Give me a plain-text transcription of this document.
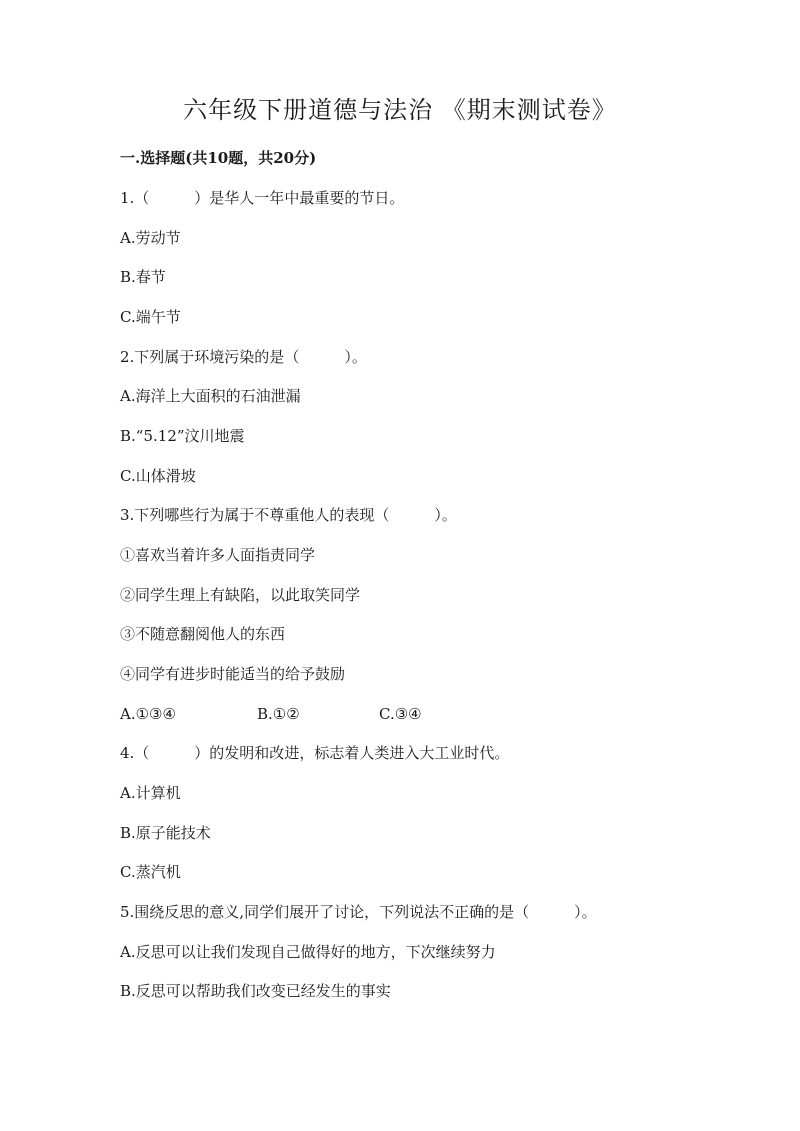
六年级下册道德与法治 《期末测试卷》
一.选择题(共10题，共20分)
1.（　　　）是华人一年中最重要的节日。
A.劳动节
B.春节
C.端午节
2.下列属于环境污染的是（　　　）。
A.海洋上大面积的石油泄漏
B.“5.12”汶川地震
C.山体滑坡
3.下列哪些行为属于不尊重他人的表现（　　　）。
①喜欢当着许多人面指责同学
②同学生理上有缺陷，以此取笑同学
③不随意翻阅他人的东西
④同学有进步时能适当的给予鼓励

A.①③④

	B.①②

	C.③④

4.（　　　）的发明和改进，标志着人类进入大工业时代。
A.计算机
B.原子能技术
C.蒸汽机
5.围绕反思的意义,同学们展开了讨论，下列说法不正确的是（　　　）。
A.反思可以让我们发现自己做得好的地方，下次继续努力
B.反思可以帮助我们改变已经发生的事实
